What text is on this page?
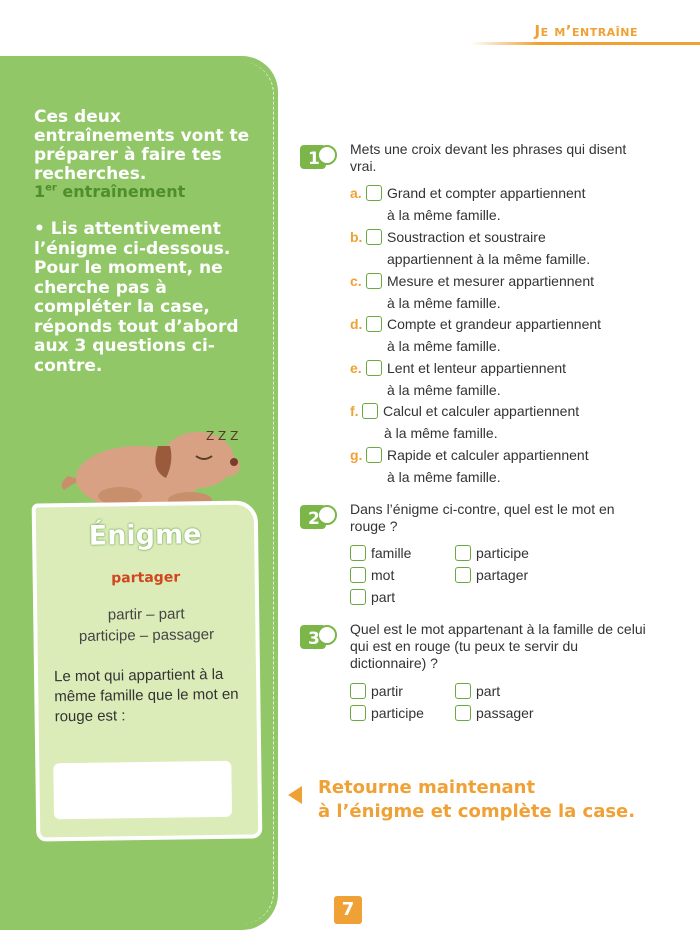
Je m’entraîne

Ces deux entraînements vont te préparer à faire tes recherches.

1er entraînement
• Lis attentivement l’énigme ci-dessous. Pour le moment, ne cherche pas à compléter la case, réponds tout d’abord aux 3 questions ci-contre.
Z Z Z
Énigme
partager
partir – part
participe – passager
Le mot qui appartient à la même famille que le mot en rouge est :
1 Mets une croix devant les phrases qui disent vrai.
a. Grand et compter appartiennent
à la même famille.
b. Soustraction et soustraire
appartiennent à la même famille.
c. Mesure et mesurer appartiennent
à la même famille.
d. Compte et grandeur appartiennent
à la même famille.
e. Lent et lenteur appartiennent
à la même famille.
f. Calcul et calculer appartiennent
à la même famille.
g. Rapide et calculer appartiennent
à la même famille.
2 Dans l’énigme ci-contre, quel est le mot en rouge ?
famille	participe
mot	partager
part
3 Quel est le mot appartenant à la famille de celui qui est en rouge (tu peux te servir du dictionnaire) ?
partir	part
participe	passager
Retourne maintenant
à l’énigme et complète la case.
7
